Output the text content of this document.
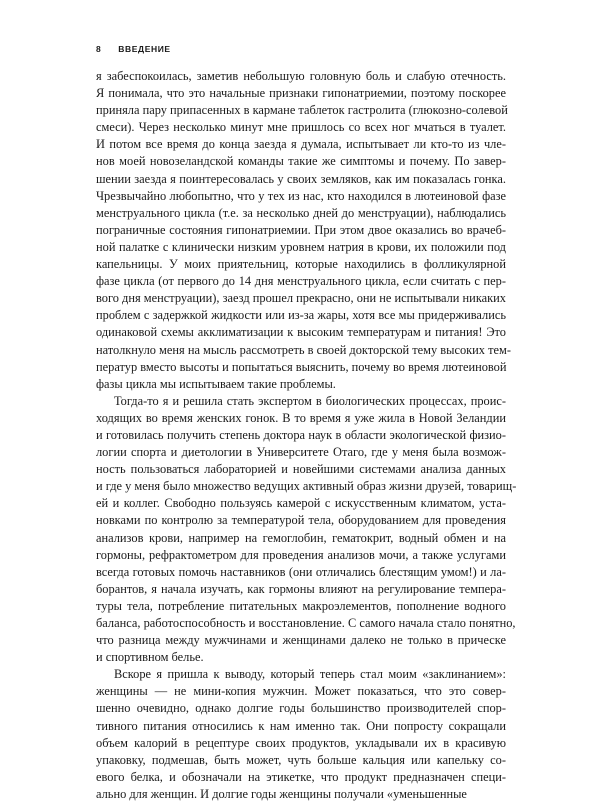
8 ВВЕДЕНИЕ

я забеспокоилась, заметив небольшую головную боль и слабую отечность.
Я понимала, что это начальные признаки гипонатриемии, поэтому поскорее
приняла пару припасенных в кармане таблеток гастролита (глюкозно-солевой
смеси). Через несколько минут мне пришлось со всех ног мчаться в туалет.
И потом все время до конца заезда я думала, испытывает ли кто-то из чле-
нов моей новозеландской команды такие же симптомы и почему. По завер-
шении заезда я поинтересовалась у своих земляков, как им показалась гонка.
Чрезвычайно любопытно, что у тех из нас, кто находился в лютеиновой фазе
менструального цикла (т.е. за несколько дней до менструации), наблюдались
пограничные состояния гипонатриемии. При этом двое оказались во врачеб-
ной палатке с клинически низким уровнем натрия в крови, их положили под
капельницы. У моих приятельниц, которые находились в фолликулярной
фазе цикла (от первого до 14 дня менструального цикла, если считать с пер-
вого дня менструации), заезд прошел прекрасно, они не испытывали никаких
проблем с задержкой жидкости или из-за жары, хотя все мы придерживались
одинаковой схемы акклиматизации к высоким температурам и питания! Это
натолкнуло меня на мысль рассмотреть в своей докторской тему высоких тем-
ператур вместо высоты и попытаться выяснить, почему во время лютеиновой
фазы цикла мы испытываем такие проблемы.

Тогда-то я и решила стать экспертом в биологических процессах, проис-
ходящих во время женских гонок. В то время я уже жила в Новой Зеландии
и готовилась получить степень доктора наук в области экологической физио-
логии спорта и диетологии в Университете Отаго, где у меня была возмож-
ность пользоваться лабораторией и новейшими системами анализа данных
и где у меня было множество ведущих активный образ жизни друзей, товарищ-
ей и коллег. Свободно пользуясь камерой с искусственным климатом, уста-
новками по контролю за температурой тела, оборудованием для проведения
анализов крови, например на гемоглобин, гематокрит, водный обмен и на
гормоны, рефрактометром для проведения анализов мочи, а также услугами
всегда готовых помочь наставников (они отличались блестящим умом!) и ла-
борантов, я начала изучать, как гормоны влияют на регулирование темпера-
туры тела, потребление питательных макроэлементов, пополнение водного
баланса, работоспособность и восстановление. С самого начала стало понятно,
что разница между мужчинами и женщинами далеко не только в прическе
и спортивном белье.

Вскоре я пришла к выводу, который теперь стал моим «заклинанием»:
женщины — не мини-копия мужчин. Может показаться, что это совер-
шенно очевидно, однако долгие годы большинство производителей спор-
тивного питания относились к нам именно так. Они попросту сокращали
объем калорий в рецептуре своих продуктов, укладывали их в красивую
упаковку, подмешав, быть может, чуть больше кальция или капельку со-
евого белка, и обозначали на этикетке, что продукт предназначен специ-
ально для женщин. И долгие годы женщины получали «уменьшенные
